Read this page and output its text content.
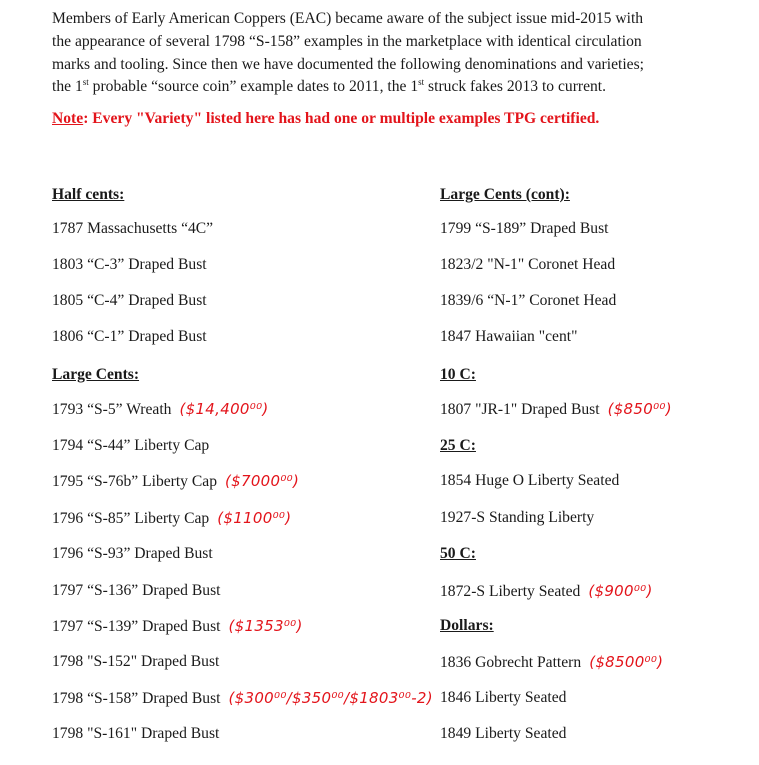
Members of Early American Coppers (EAC) became aware of the subject issue mid-2015 with
the appearance of several 1798 “S-158” examples in the marketplace with identical circulation
marks and tooling. Since then we have documented the following denominations and varieties;
the 1st probable “source coin” example dates to 2011, the 1st struck fakes 2013 to current.
Note: Every "Variety" listed here has had one or multiple examples TPG certified.
Half cents:
1787 Massachusetts “4C”
1803 “C-3” Draped Bust
1805 “C-4” Draped Bust
1806 “C-1” Draped Bust
Large Cents:
1793 “S-5” Wreath ($14,400⁰⁰)
1794 “S-44” Liberty Cap
1795 “S-76b” Liberty Cap ($7000⁰⁰)
1796 “S-85” Liberty Cap ($1100⁰⁰)
1796 “S-93” Draped Bust
1797 “S-136” Draped Bust
1797 “S-139” Draped Bust ($1353⁰⁰)
1798 "S-152" Draped Bust
1798 “S-158” Draped Bust ($300⁰⁰/$350⁰⁰/$1803⁰⁰-2)
1798 "S-161" Draped Bust
Large Cents (cont):
1799 “S-189” Draped Bust
1823/2 "N-1" Coronet Head
1839/6 “N-1” Coronet Head
1847 Hawaiian "cent"
10 C:
1807 "JR-1" Draped Bust ($850⁰⁰)
25 C:
1854 Huge O Liberty Seated
1927-S Standing Liberty
50 C:
1872-S Liberty Seated ($900⁰⁰)
Dollars:
1836 Gobrecht Pattern ($8500⁰⁰)
1846 Liberty Seated
1849 Liberty Seated
